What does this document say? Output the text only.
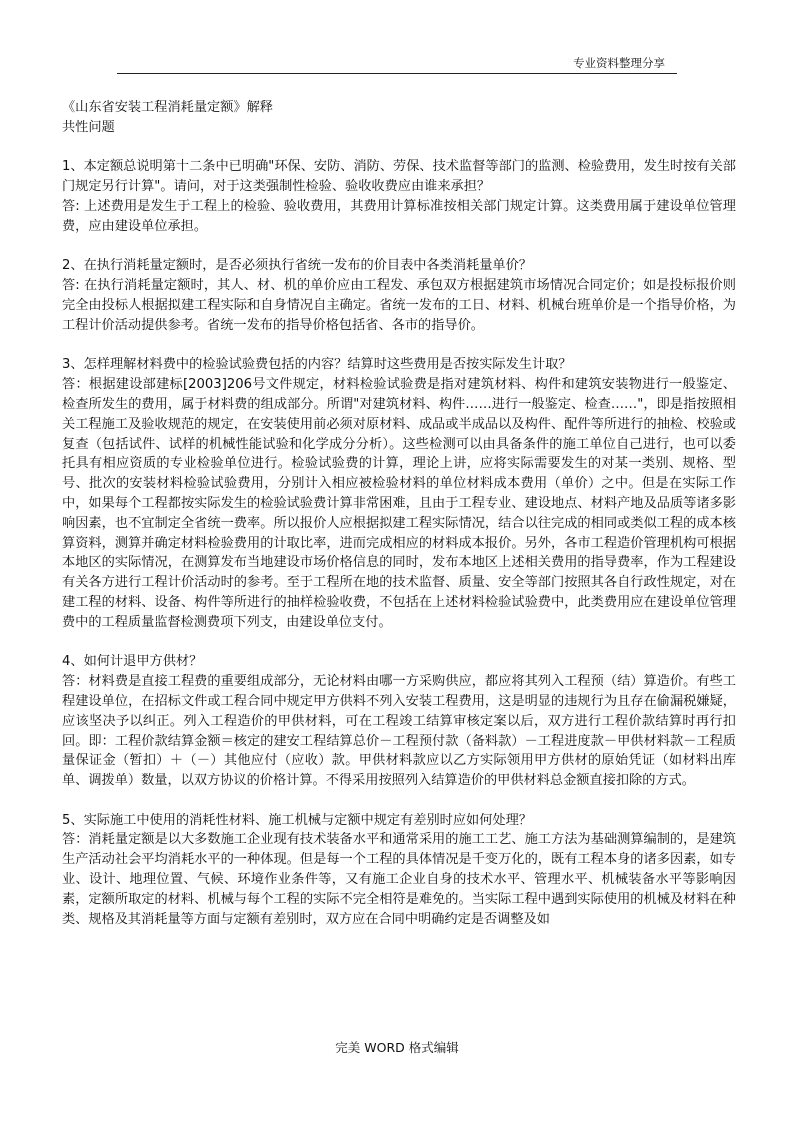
专业资料整理分享

《山东省安装工程消耗量定额》解释

共性问题

1、本定额总说明第十二条中已明确"环保、安防、消防、劳保、技术监督等部门的监测、检验费用，发生时按有关部门规定另行计算"。请问，对于这类强制性检验、验收收费应由谁来承担？

答: 上述费用是发生于工程上的检验、验收费用，其费用计算标准按相关部门规定计算。这类费用属于建设单位管理费，应由建设单位承担。

2、在执行消耗量定额时，是否必须执行省统一发布的价目表中各类消耗量单价？

答: 在执行消耗量定额时，其人、材、机的单价应由工程发、承包双方根据建筑市场情况合同定价；如是投标报价则完全由投标人根据拟建工程实际和自身情况自主确定。省统一发布的工日、材料、机械台班单价是一个指导价格，为工程计价活动提供参考。省统一发布的指导价格包括省、各市的指导价。

3、怎样理解材料费中的检验试验费包括的内容？结算时这些费用是否按实际发生计取？

答：根据建设部建标[2003]206号文件规定，材料检验试验费是指对建筑材料、构件和建筑安装物进行一般鉴定、检查所发生的费用，属于材料费的组成部分。所谓"对建筑材料、构件……进行一般鉴定、检查……"，即是指按照相关工程施工及验收规范的规定，在安装使用前必须对原材料、成品或半成品以及构件、配件等所进行的抽检、校验或复查（包括试件、试样的机械性能试验和化学成分分析）。这些检测可以由具备条件的施工单位自己进行，也可以委托具有相应资质的专业检验单位进行。检验试验费的计算，理论上讲，应将实际需要发生的对某一类别、规格、型号、批次的安装材料检验试验费用，分别计入相应被检验材料的单位材料成本费用（单价）之中。但是在实际工作中，如果每个工程都按实际发生的检验试验费计算非常困难，且由于工程专业、建设地点、材料产地及品质等诸多影响因素，也不宜制定全省统一费率。所以报价人应根据拟建工程实际情况，结合以往完成的相同或类似工程的成本核算资料，测算并确定材料检验费用的计取比率，进而完成相应的材料成本报价。另外，各市工程造价管理机构可根据本地区的实际情况，在测算发布当地建设市场价格信息的同时，发布本地区上述相关费用的指导费率，作为工程建设有关各方进行工程计价活动时的参考。至于工程所在地的技术监督、质量、安全等部门按照其各自行政性规定，对在建工程的材料、设备、构件等所进行的抽样检验收费，不包括在上述材料检验试验费中，此类费用应在建设单位管理费中的工程质量监督检测费项下列支，由建设单位支付。

4、如何计退甲方供材？

答：材料费是直接工程费的重要组成部分，无论材料由哪一方采购供应，都应将其列入工程预（结）算造价。有些工程建设单位，在招标文件或工程合同中规定甲方供料不列入安装工程费用，这是明显的违规行为且存在偷漏税嫌疑，应该坚决予以纠正。列入工程造价的甲供材料，可在工程竣工结算审核定案以后，双方进行工程价款结算时再行扣回。即：工程价款结算金额＝核定的建安工程结算总价－工程预付款（备料款）－工程进度款－甲供材料款－工程质量保证金（暂扣）＋（－）其他应付（应收）款。甲供材料款应以乙方实际领用甲方供材的原始凭证（如材料出库单、调拨单）数量，以双方协议的价格计算。不得采用按照列入结算造价的甲供材料总金额直接扣除的方式。

5、实际施工中使用的消耗性材料、施工机械与定额中规定有差别时应如何处理？

答：消耗量定额是以大多数施工企业现有技术装备水平和通常采用的施工工艺、施工方法为基础测算编制的，是建筑生产活动社会平均消耗水平的一种体现。但是每一个工程的具体情况是千变万化的，既有工程本身的诸多因素，如专业、设计、地理位置、气候、环境作业条件等，又有施工企业自身的技术水平、管理水平、机械装备水平等影响因素，定额所取定的材料、机械与每个工程的实际不完全相符是难免的。当实际工程中遇到实际使用的机械及材料在种类、规格及其消耗量等方面与定额有差别时，双方应在合同中明确约定是否调整及如

完美 WORD 格式编辑
